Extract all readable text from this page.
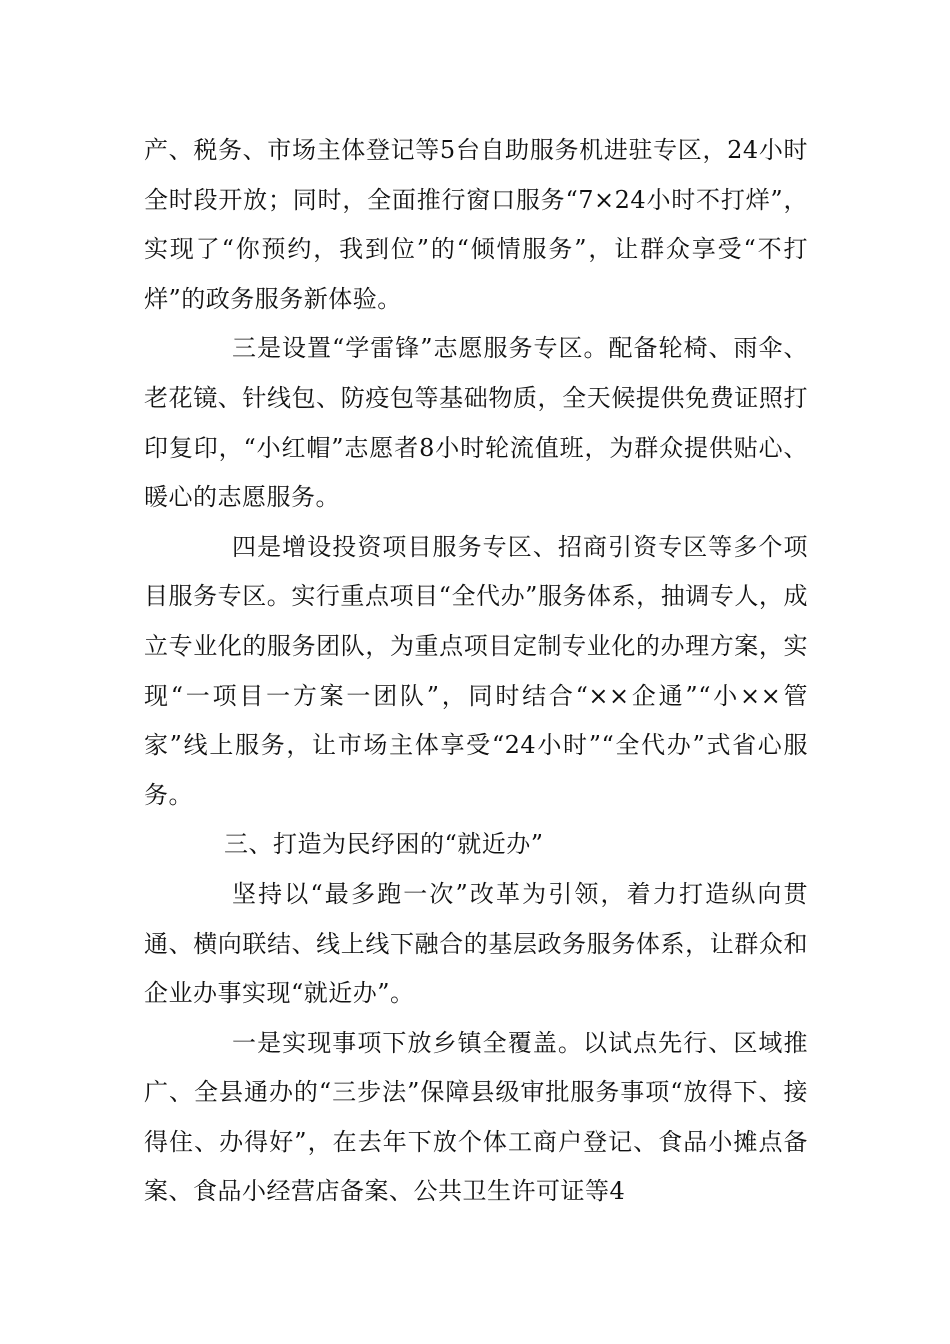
产、税务、市场主体登记等5台自助服务机进驻专区，24小时全时段开放；同时，全面推行窗口服务“7×24小时不打烊”，实现了“你预约，我到位”的“倾情服务”，让群众享受“不打烊”的政务服务新体验。

三是设置“学雷锋”志愿服务专区。配备轮椅、雨伞、老花镜、针线包、防疫包等基础物质，全天候提供免费证照打印复印，“小红帽”志愿者8小时轮流值班，为群众提供贴心、暖心的志愿服务。

四是增设投资项目服务专区、招商引资专区等多个项目服务专区。实行重点项目“全代办”服务体系，抽调专人，成立专业化的服务团队，为重点项目定制专业化的办理方案，实现“一项目一方案一团队”，同时结合“××企通”“小××管家”线上服务，让市场主体享受“24小时”“全代办”式省心服务。

三、打造为民纾困的“就近办”

坚持以“最多跑一次”改革为引领，着力打造纵向贯通、横向联结、线上线下融合的基层政务服务体系，让群众和企业办事实现“就近办”。

一是实现事项下放乡镇全覆盖。以试点先行、区域推广、全县通办的“三步法”保障县级审批服务事项“放得下、接得住、办得好”，在去年下放个体工商户登记、食品小摊点备案、食品小经营店备案、公共卫生许可证等4
